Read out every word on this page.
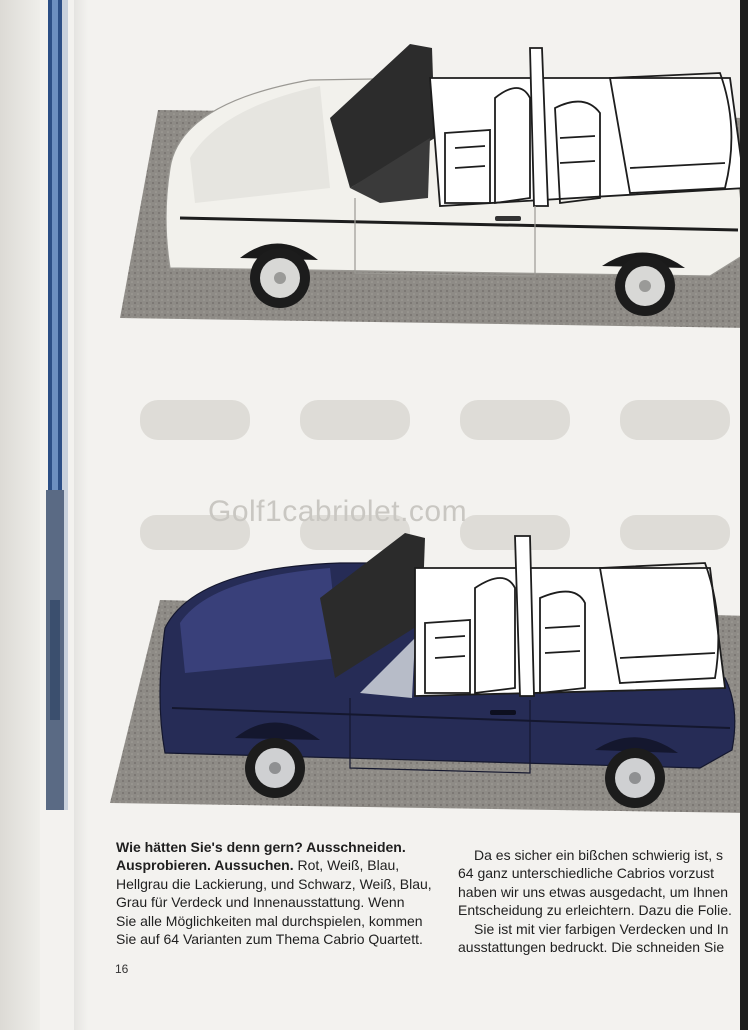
Golf1cabriolet.com
Wie hätten Sie's denn gern? Ausschneiden.
Ausprobieren. Aussuchen. Rot, Weiß, Blau,
Hellgrau die Lackierung, und Schwarz, Weiß, Blau,
Grau für Verdeck und Innenausstattung. Wenn
Sie alle Möglichkeiten mal durchspielen, kommen
Sie auf 64 Varianten zum Thema Cabrio Quartett.
Da es sicher ein bißchen schwierig ist, s
64 ganz unterschiedliche Cabrios vorzust
haben wir uns etwas ausgedacht, um Ihnen
Entscheidung zu erleichtern. Dazu die Folie.
Sie ist mit vier farbigen Verdecken und In
ausstattungen bedruckt. Die schneiden Sie
16
